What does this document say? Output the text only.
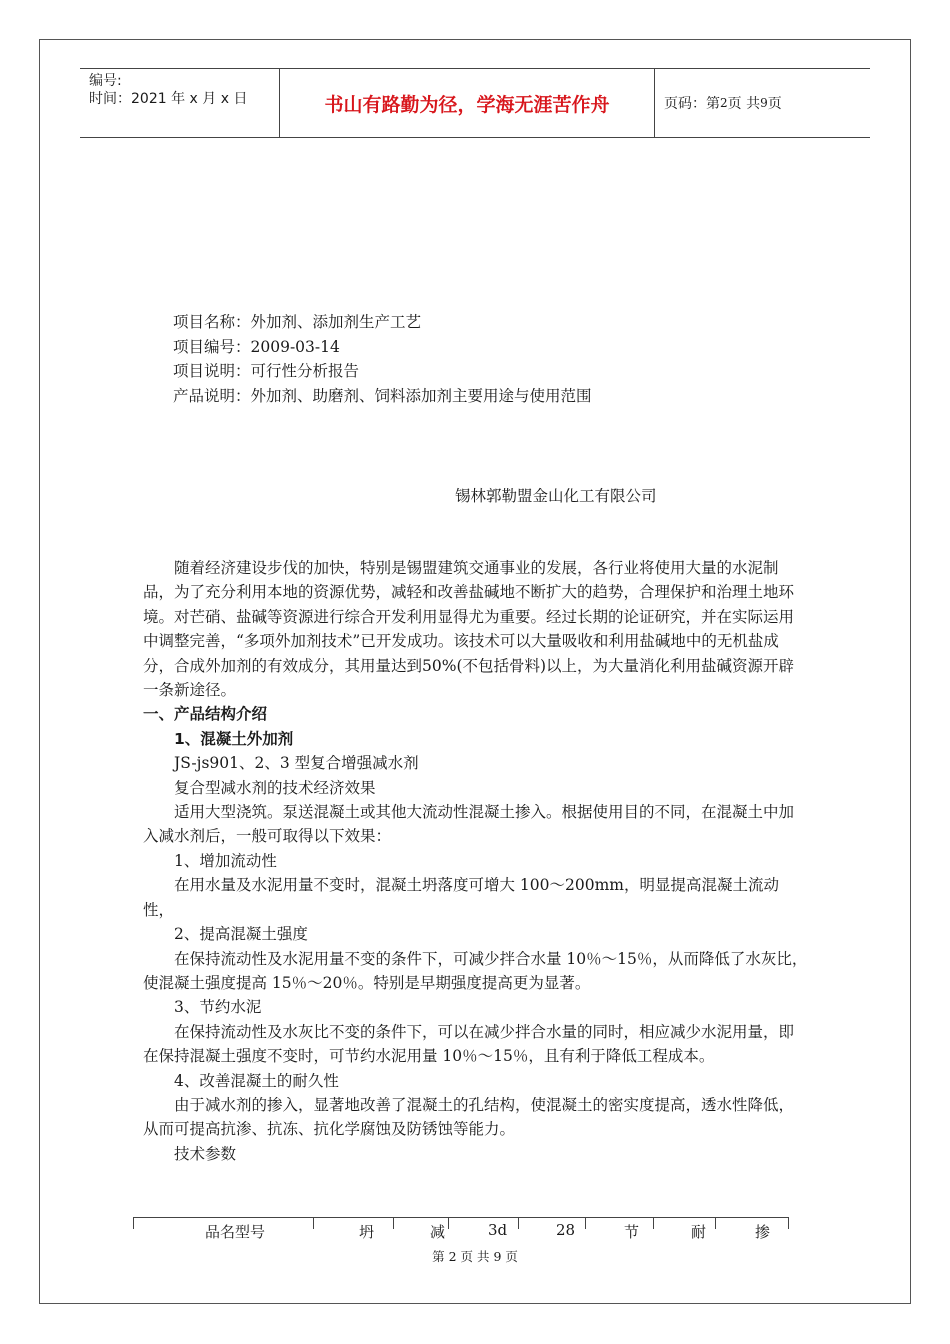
编号:
时间：2021 年 x 月 x 日	书山有路勤为径，学海无涯苦作舟	页码：第 2 页 共 9 页
项目名称：外加剂、添加剂生产工艺
项目编号：2009-03-14
项目说明：可行性分析报告
产品说明：外加剂、助磨剂、饲料添加剂主要用途与使用范围
锡林郭勒盟金山化工有限公司

随着经济建设步伐的加快，特别是锡盟建筑交通事业的发展，各行业将使用大量的水泥制品，为了充分利用本地的资源优势，减轻和改善盐碱地不断扩大的趋势，合理保护和治理土地环境。对芒硝、盐碱等资源进行综合开发利用显得尤为重要。经过长期的论证研究，并在实际运用中调整完善，“多项外加剂技术”已开发成功。该技术可以大量吸收和利用盐碱地中的无机盐成分，合成外加剂的有效成分，其用量达到50%(不包括骨料)以上，为大量消化利用盐碱资源开辟一条新途径。

一、产品结构介绍

1、混凝土外加剂

JS-js901、2、3 型复合增强减水剂

复合型减水剂的技术经济效果

适用大型浇筑。泵送混凝土或其他大流动性混凝土掺入。根据使用目的不同，在混凝土中加入减水剂后，一般可取得以下效果：

1、增加流动性

在用水量及水泥用量不变时，混凝土坍落度可增大 100～200mm，明显提高混凝土流动性，

2、提高混凝土强度

在保持流动性及水泥用量不变的条件下，可减少拌合水量 10％～15％，从而降低了水灰比，使混凝土强度提高 15％～20％。特别是早期强度提高更为显著。

3、节约水泥

在保持流动性及水灰比不变的条件下，可以在减少拌合水量的同时，相应减少水泥用量，即在保持混凝土强度不变时，可节约水泥用量 10％～15％，且有利于降低工程成本。

4、改善混凝土的耐久性

由于减水剂的掺入，显著地改善了混凝土的孔结构，使混凝土的密实度提高，透水性降低，从而可提高抗渗、抗冻、抗化学腐蚀及防锈蚀等能力。

技术参数

品名型号	坍	减	3d	28	节	耐	掺
第 2 页 共 9 页
